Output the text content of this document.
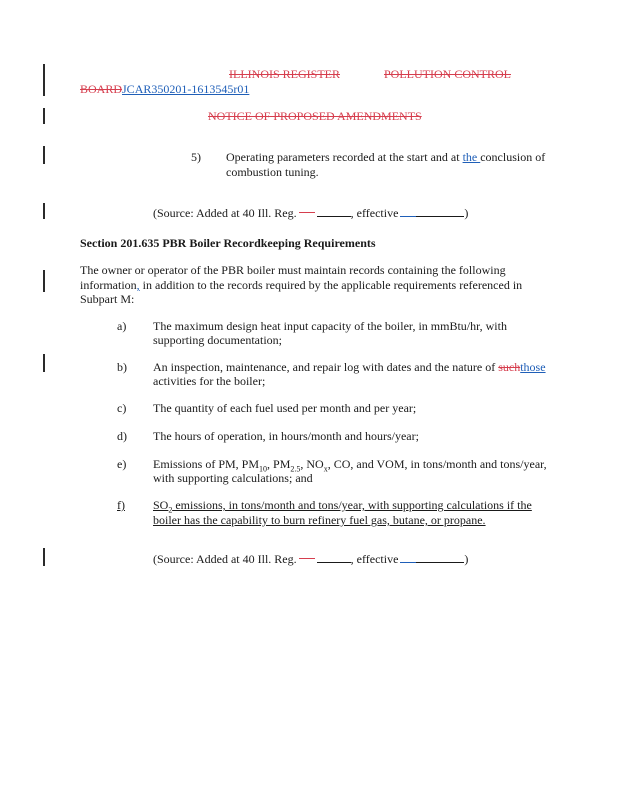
ILLINOIS REGISTER	POLLUTION CONTROL
BOARDJCAR350201-1613545r01
NOTICE OF PROPOSED AMENDMENTS
5) Operating parameters recorded at the start and at the conclusion of
combustion tuning.
(Source: Added at 40 Ill. Reg.	, effective	)
Section 201.635 PBR Boiler Recordkeeping Requirements
The owner or operator of the PBR boiler must maintain records containing the following
information, in addition to the records required by the applicable requirements referenced in
Subpart M:
a) The maximum design heat input capacity of the boiler, in mmBtu/hr, with
supporting documentation;
b) An inspection, maintenance, and repair log with dates and the nature of suchthose
activities for the boiler;
c) The quantity of each fuel used per month and per year;
d) The hours of operation, in hours/month and hours/year;
e) Emissions of PM, $PM_{10}$, $PM_{2.5}$, $NO_x$, CO, and VOM, in tons/month and tons/year,
with supporting calculations; and
f) $SO_2$ emissions, in tons/month and tons/year, with supporting calculations if the
boiler has the capability to burn refinery fuel gas, butane, or propane.
(Source: Added at 40 Ill. Reg.	, effective	)
